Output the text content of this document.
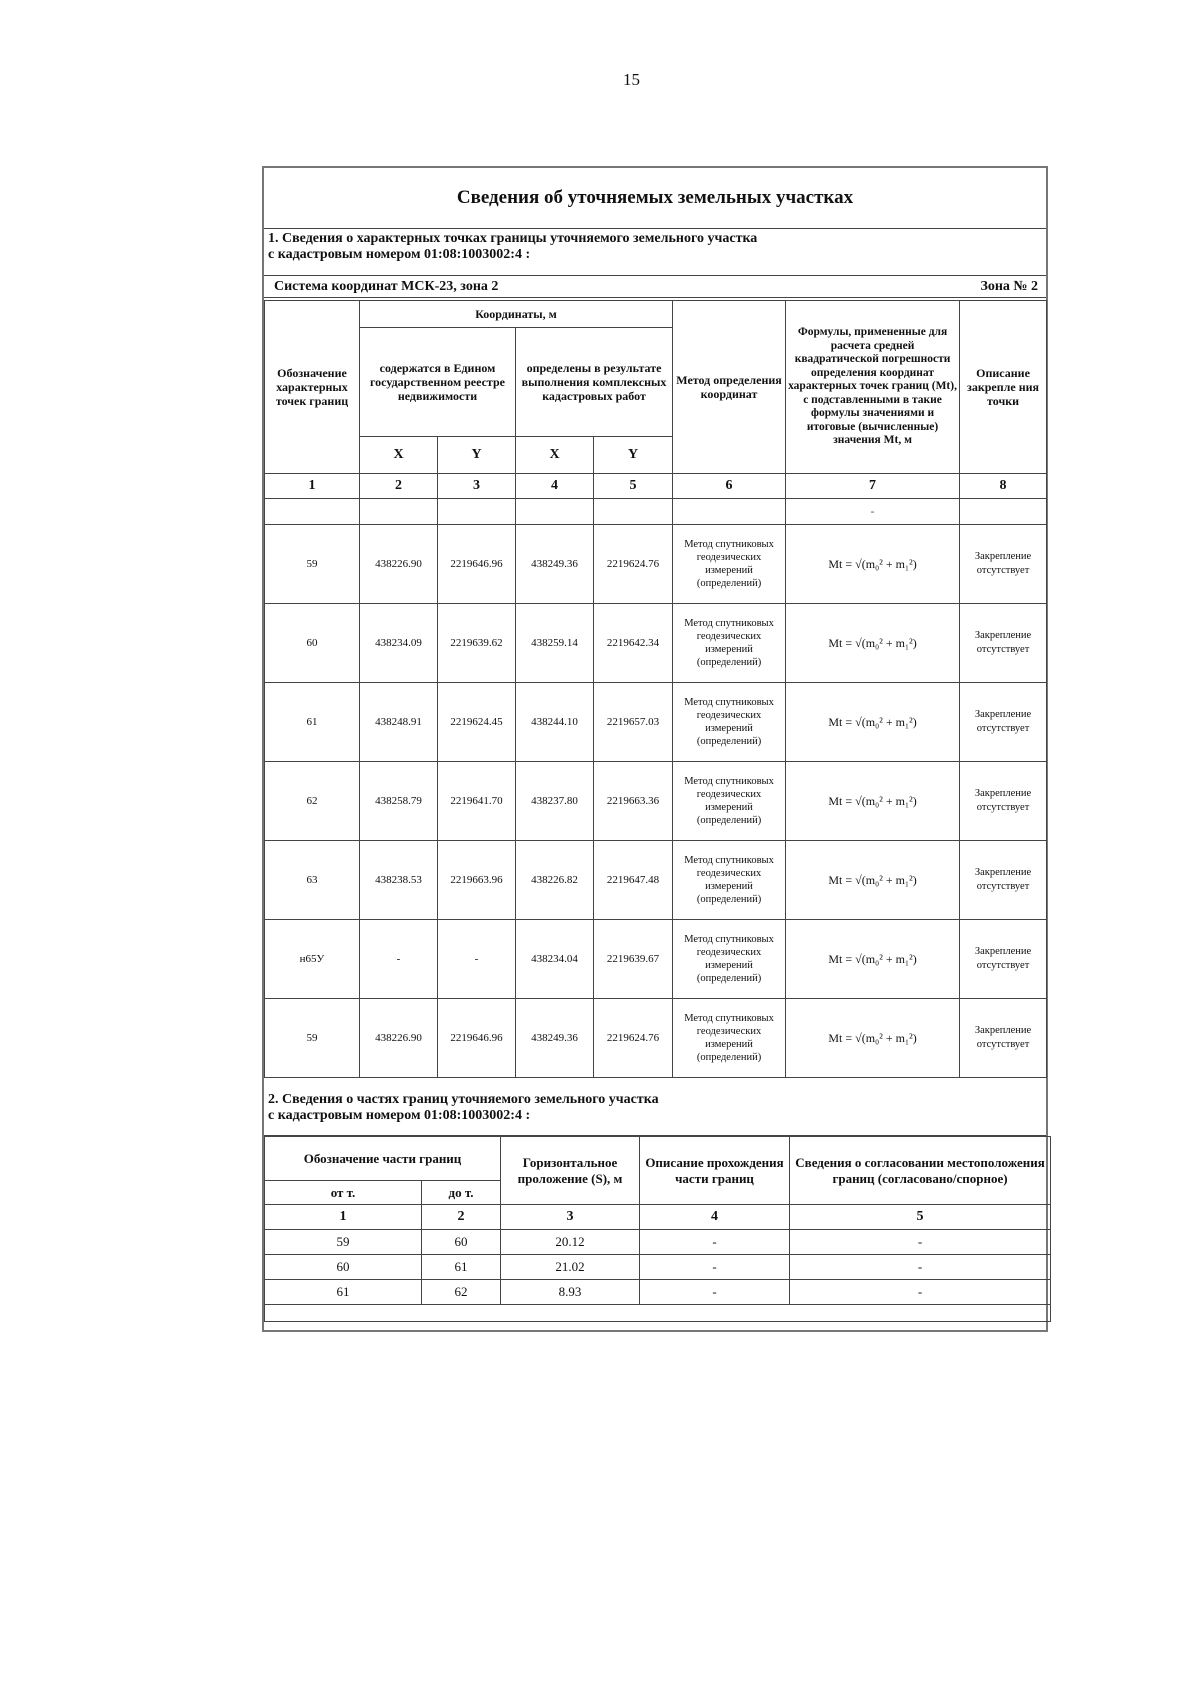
15
Сведения об уточняемых земельных участках
1. Сведения о характерных точках границы уточняемого земельного участка
с кадастровым номером 01:08:1003002:4 :
Система координат МСК-23, зона 2	Зона № 2
Обозначение характерных точек границ	Координаты, м				Метод определения координат	Формулы, примененные для расчета средней квадратической погрешности определения координат характерных точек границ (Mt), с подставленными в такие формулы значениями и итоговые (вычисленные) значения Mt, м	Описание закрепле ния точки
	содержатся в Едином государственном реестре недвижимости		определены в результате выполнения комплексных кадастровых работ				
	X	Y	X	Y			
1	2	3	4	5	6	7	8
						-	
59	438226.90	2219646.96	438249.36	2219624.76	Метод спутниковых геодезических измерений (определений)	Mt = √(m₀² + m₁²)	Закрепление отсутствует
60	438234.09	2219639.62	438259.14	2219642.34	Метод спутниковых геодезических измерений (определений)	Mt = √(m₀² + m₁²)	Закрепление отсутствует
61	438248.91	2219624.45	438244.10	2219657.03	Метод спутниковых геодезических измерений (определений)	Mt = √(m₀² + m₁²)	Закрепление отсутствует
62	438258.79	2219641.70	438237.80	2219663.36	Метод спутниковых геодезических измерений (определений)	Mt = √(m₀² + m₁²)	Закрепление отсутствует
63	438238.53	2219663.96	438226.82	2219647.48	Метод спутниковых геодезических измерений (определений)	Mt = √(m₀² + m₁²)	Закрепление отсутствует
н65У	-	-	438234.04	2219639.67	Метод спутниковых геодезических измерений (определений)	Mt = √(m₀² + m₁²)	Закрепление отсутствует
59	438226.90	2219646.96	438249.36	2219624.76	Метод спутниковых геодезических измерений (определений)	Mt = √(m₀² + m₁²)	Закрепление отсутствует
2. Сведения о частях границ уточняемого земельного участка
с кадастровым номером 01:08:1003002:4 :
Обозначение части границ		Горизонтальное проложение (S), м	Описание прохождения части границ	Сведения о согласовании местоположения границ (согласовано/спорное)
от т.	до т.			
1	2	3	4	5
59	60	20.12	-	-
60	61	21.02	-	-
61	62	8.93	-	-
